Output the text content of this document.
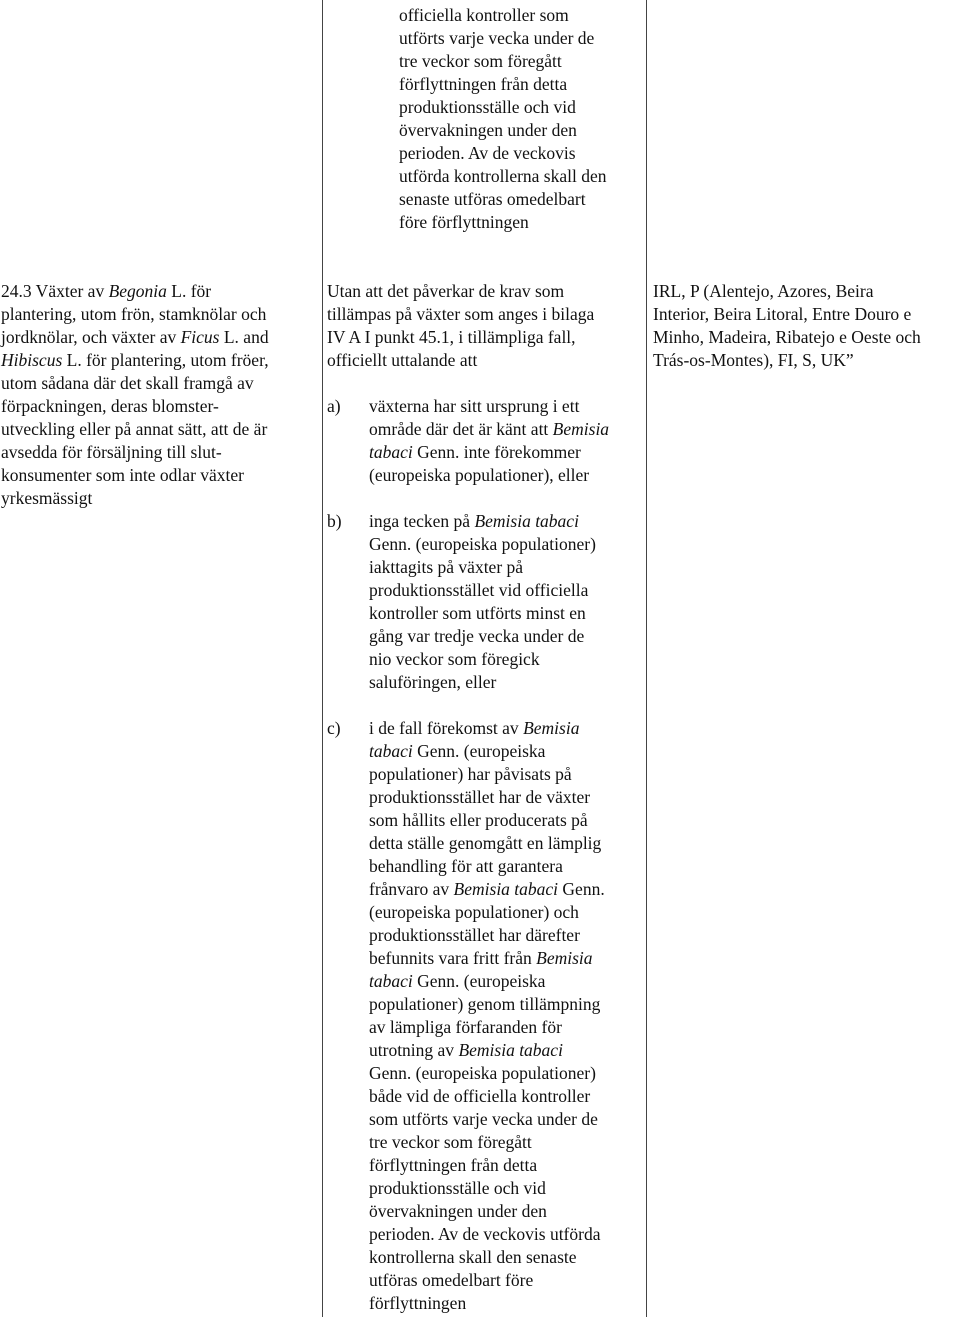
officiella kontroller som
utförts varje vecka under de
tre veckor som föregått
förflyttningen från detta
produktionsställe och vid
övervakningen under den
perioden. Av de veckovis
utförda kontrollerna skall den
senaste utföras omedelbart
före förflyttningen
24.3 Växter av Begonia L. för
plantering, utom frön, stamknölar och
jordknölar, och växter av Ficus L. and
Hibiscus L. för plantering, utom fröer,
utom sådana där det skall framgå av
förpackningen, deras blomster-
utveckling eller på annat sätt, att de är
avsedda för försäljning till slut-
konsumenter som inte odlar växter
yrkesmässigt
Utan att det påverkar de krav som
tillämpas på växter som anges i bilaga
IV A I punkt 45.1, i tillämpliga fall,
officiellt uttalande att
a) växterna har sitt ursprung i ett
område där det är känt att Bemisia
tabaci Genn. inte förekommer
(europeiska populationer), eller
b) inga tecken på Bemisia tabaci
Genn. (europeiska populationer)
iakttagits på växter på
produktionsstället vid officiella
kontroller som utförts minst en
gång var tredje vecka under de
nio veckor som föregick
saluföringen, eller
c) i de fall förekomst av Bemisia
tabaci Genn. (europeiska
populationer) har påvisats på
produktionsstället har de växter
som hållits eller producerats på
detta ställe genomgått en lämplig
behandling för att garantera
frånvaro av Bemisia tabaci Genn.
(europeiska populationer) och
produktionsstället har därefter
befunnits vara fritt från Bemisia
tabaci Genn. (europeiska
populationer) genom tillämpning
av lämpliga förfaranden för
utrotning av Bemisia tabaci
Genn. (europeiska populationer)
både vid de officiella kontroller
som utförts varje vecka under de
tre veckor som föregått
förflyttningen från detta
produktionsställe och vid
övervakningen under den
perioden. Av de veckovis utförda
kontrollerna skall den senaste
utföras omedelbart före
förflyttningen
IRL, P (Alentejo, Azores, Beira
Interior, Beira Litoral, Entre Douro e
Minho, Madeira, Ribatejo e Oeste och
Trás-os-Montes), FI, S, UK”
